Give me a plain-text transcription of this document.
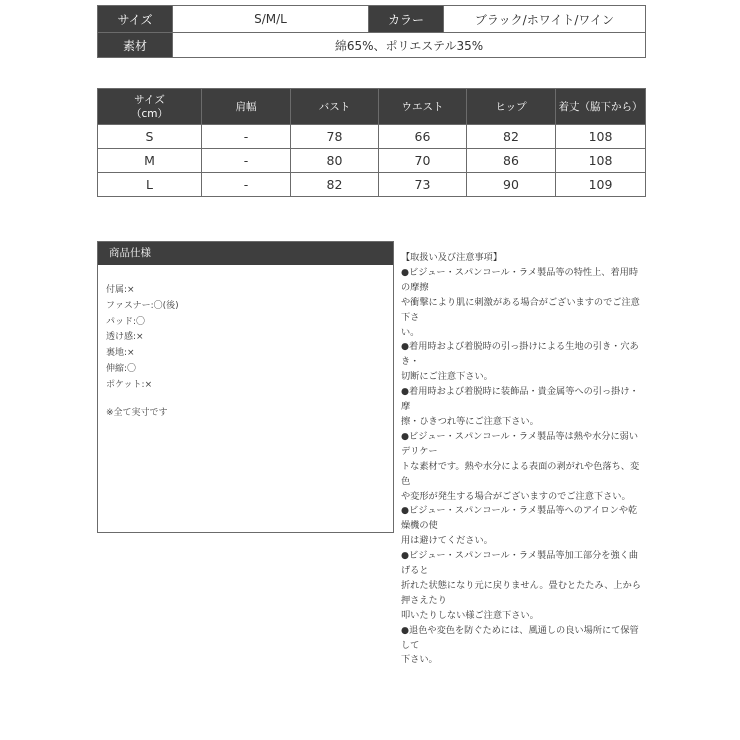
サイズ	S/M/L	カラー	ブラック/ホワイト/ワイン
素材	綿65%、ポリエステル35%		
サイズ
（cm）	肩幅	バスト	ウエスト	ヒップ	着丈（脇下から）
S	-	78	66	82	108
M	-	80	70	86	108
L	-	82	73	90	109
商品仕様
付属:×
ファスナー:〇(後)
パッド:〇
透け感:×
裏地:×
伸縮:〇
ポケット:×
※全て実寸です

【取扱い及び注意事項】

●ビジュー・スパンコール・ラメ製品等の特性上、着用時の摩擦

や衝撃により肌に刺激がある場合がございますのでご注意下さ

い。

●着用時および着脱時の引っ掛けによる生地の引き・穴あき・

切断にご注意下さい。

●着用時および着脱時に装飾品・貴金属等への引っ掛け・摩

擦・ひきつれ等にご注意下さい。

●ビジュー・スパンコール・ラメ製品等は熱や水分に弱いデリケー

トな素材です。熱や水分による表面の剥がれや色落ち、変色

や変形が発生する場合がございますのでご注意下さい。

●ビジュー・スパンコール・ラメ製品等へのアイロンや乾燥機の使

用は避けてください。

●ビジュー・スパンコール・ラメ製品等加工部分を強く曲げると

折れた状態になり元に戻りません。畳むとたたみ、上から押さえたり

叩いたりしない様ご注意下さい。

●退色や変色を防ぐためには、風通しの良い場所にて保管して

下さい。
